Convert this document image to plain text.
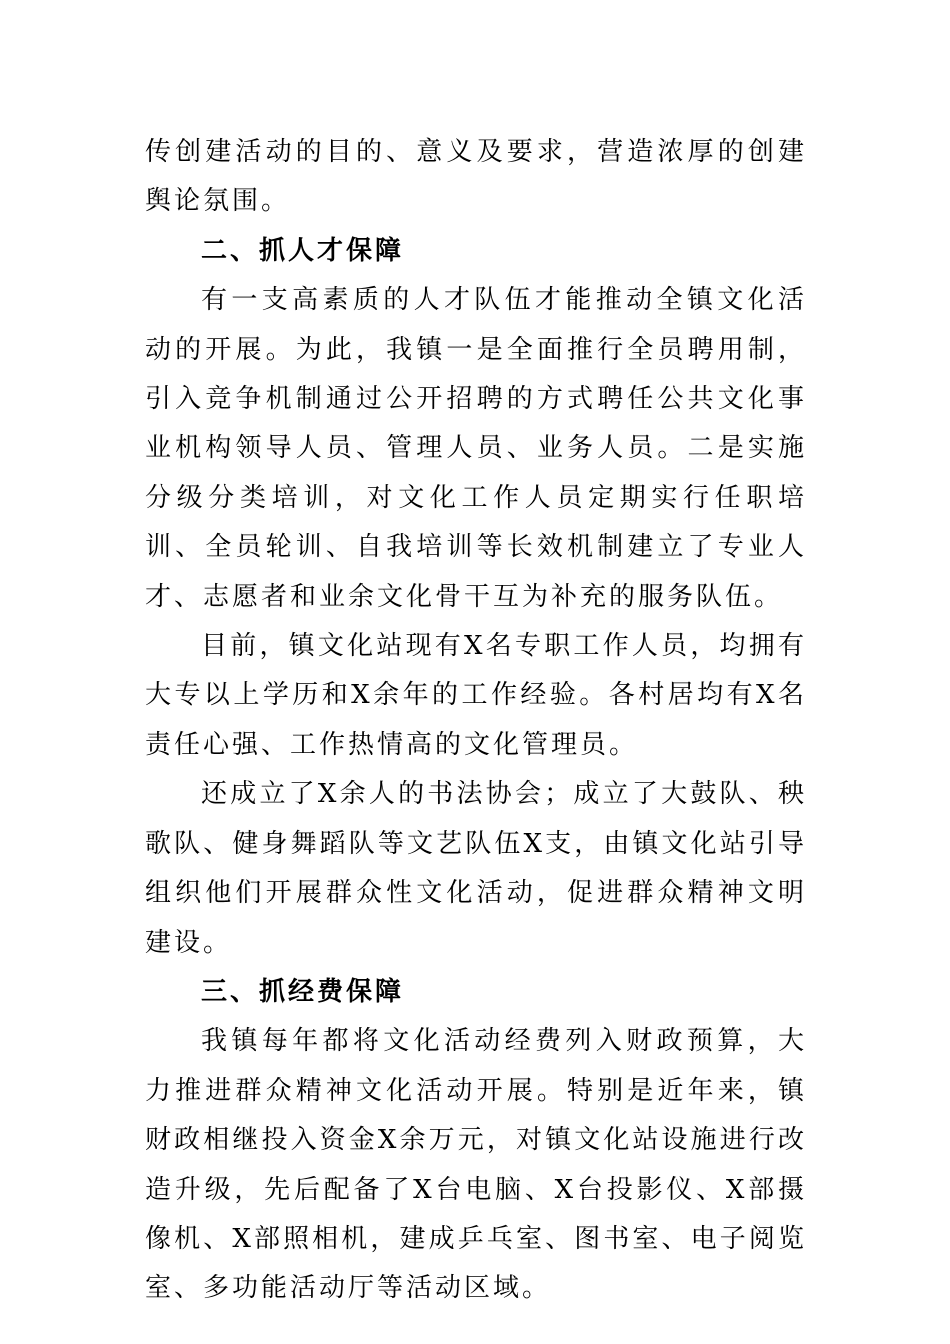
传创建活动的目的、意义及要求，营造浓厚的创建舆论氛围。

二、抓人才保障

有一支高素质的人才队伍才能推动全镇文化活动的开展。为此，我镇一是全面推行全员聘用制，引入竞争机制通过公开招聘的方式聘任公共文化事业机构领导人员、管理人员、业务人员。二是实施分级分类培训，对文化工作人员定期实行任职培训、全员轮训、自我培训等长效机制建立了专业人才、志愿者和业余文化骨干互为补充的服务队伍。

目前，镇文化站现有X名专职工作人员，均拥有大专以上学历和X余年的工作经验。各村居均有X名责任心强、工作热情高的文化管理员。

还成立了X余人的书法协会；成立了大鼓队、秧歌队、健身舞蹈队等文艺队伍X支，由镇文化站引导组织他们开展群众性文化活动，促进群众精神文明建设。

三、抓经费保障

我镇每年都将文化活动经费列入财政预算，大力推进群众精神文化活动开展。特别是近年来，镇财政相继投入资金X余万元，对镇文化站设施进行改造升级，先后配备了X台电脑、X台投影仪、X部摄像机、X部照相机，建成乒乓室、图书室、电子阅览室、多功能活动厅等活动区域。
